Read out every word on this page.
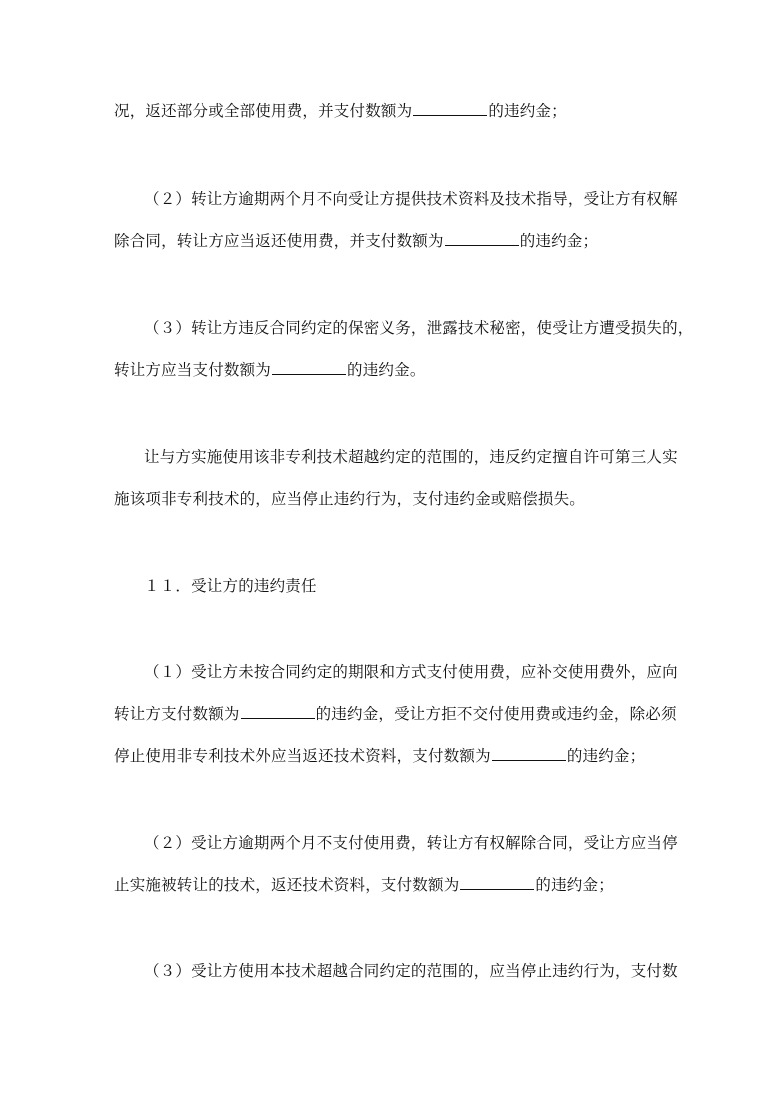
况，返还部分或全部使用费，并支付数额为	的违约金；
（２）转让方逾期两个月不向受让方提供技术资料及技术指导，受让方有权解
除合同，转让方应当返还使用费，并支付数额为	的违约金；
（３）转让方违反合同约定的保密义务，泄露技术秘密，使受让方遭受损失的，
转让方应当支付数额为	的违约金。
让与方实施使用该非专利技术超越约定的范围的，违反约定擅自许可第三人实
施该项非专利技术的，应当停止违约行为，支付违约金或赔偿损失。
１１．受让方的违约责任
（１）受让方未按合同约定的期限和方式支付使用费，应补交使用费外，应向
转让方支付数额为	的违约金，受让方拒不交付使用费或违约金，除必须
停止使用非专利技术外应当返还技术资料，支付数额为	的违约金；
（２）受让方逾期两个月不支付使用费，转让方有权解除合同，受让方应当停
止实施被转让的技术，返还技术资料，支付数额为	的违约金；
（３）受让方使用本技术超越合同约定的范围的，应当停止违约行为，支付数
